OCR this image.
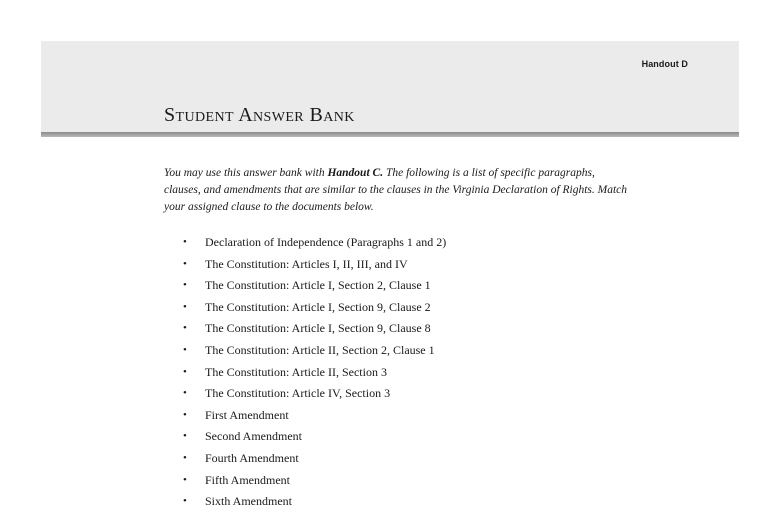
Handout D
Student Answer Bank

You may use this answer bank with Handout C. The following is a list of specific paragraphs, clauses, and amendments that are similar to the clauses in the Virginia Declaration of Rights. Match your assigned clause to the documents below.

• Declaration of Independence (Paragraphs 1 and 2)
• The Constitution: Articles I, II, III, and IV
• The Constitution: Article I, Section 2, Clause 1
• The Constitution: Article I, Section 9, Clause 2
• The Constitution: Article I, Section 9, Clause 8
• The Constitution: Article II, Section 2, Clause 1
• The Constitution: Article II, Section 3
• The Constitution: Article IV, Section 3
• First Amendment
• Second Amendment
• Fourth Amendment
• Fifth Amendment
• Sixth Amendment
